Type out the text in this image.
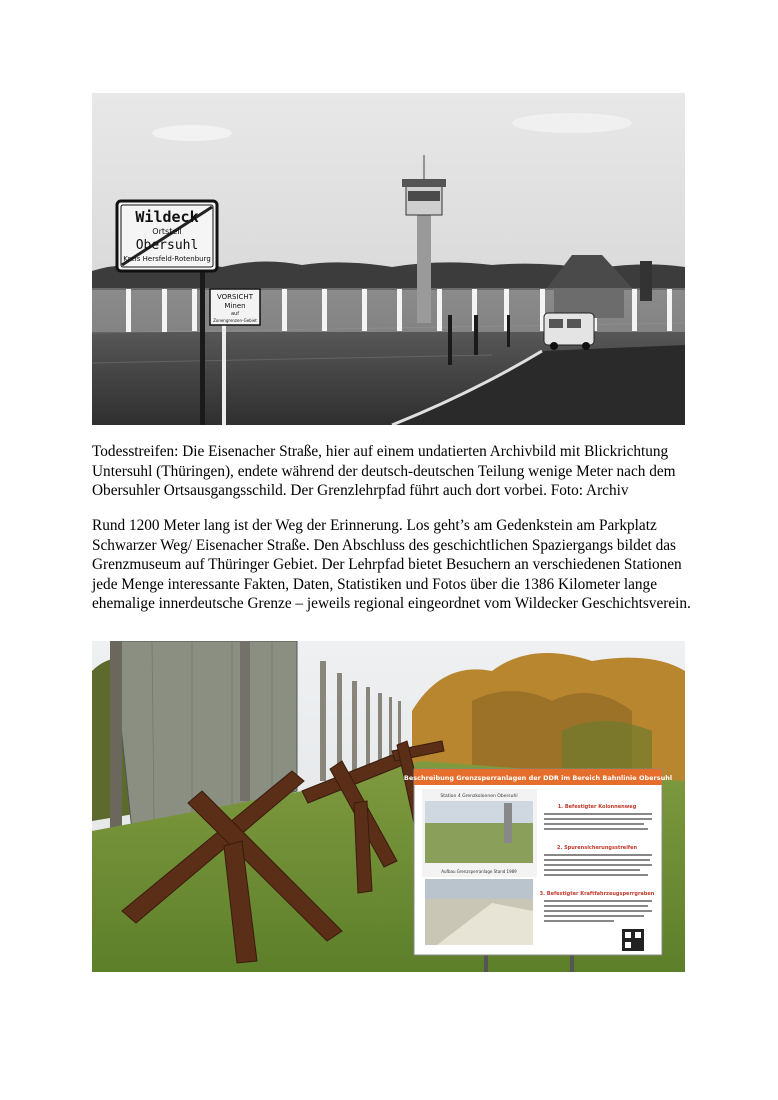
Wildeck
Ortsteil
Obersuhl
Kreis Hersfeld-Rotenburg
VORSICHT
Minen
auf
Zonengrenzen-Gebiet

Todesstreifen: Die Eisenacher Straße, hier auf einem undatierten Archivbild mit Blickrichtung Untersuhl (Thüringen), endete während der deutsch-deutschen Teilung wenige Meter nach dem Obersuhler Ortsausgangsschild. Der Grenzlehrpfad führt auch dort vorbei. Foto: Archiv

Rund 1200 Meter lang ist der Weg der Erinnerung. Los geht’s am Gedenkstein am Parkplatz Schwarzer Weg/ Eisenacher Straße. Den Abschluss des geschichtlichen Spaziergangs bildet das Grenzmuseum auf Thüringer Gebiet. Der Lehrpfad bietet Besuchern an verschiedenen Stationen jede Menge interessante Fakten, Daten, Statistiken und Fotos über die 1386 Kilometer lange ehemalige innerdeutsche Grenze – jeweils regional eingeordnet vom Wildecker Geschichtsverein.

Beschreibung Grenzsperranlagen der DDR im Bereich Bahnlinie Obersuhl
Station 4 Grenzkolonnen Obersuhl
Aufbau Grenzsperranlage Stand 1989
1. Befestigter Kolonnenweg
2. Spurensicherungsstreifen
3. Befestigter Kraftfahrzeugsperrgraben
